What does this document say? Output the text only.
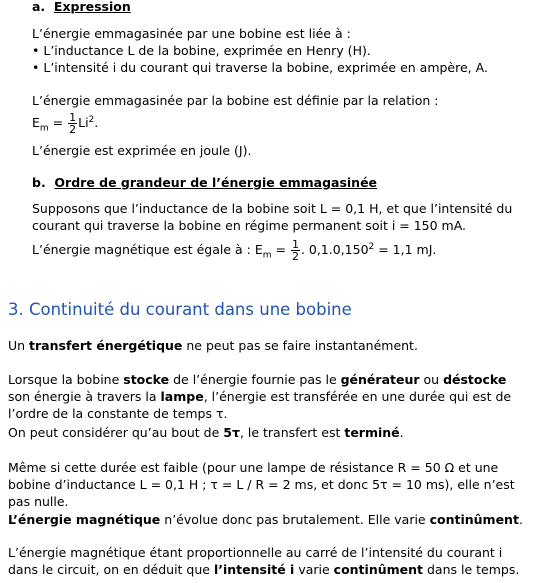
a. Expression
L’énergie emmagasinée par une bobine est liée à :
• L’inductance L de la bobine, exprimée en Henry (H).
• L’intensité i du courant qui traverse la bobine, exprimée en ampère, A.
L’énergie emmagasinée par la bobine est définie par la relation :
$E_m = \frac{1}{2} Li^2$.
L’énergie est exprimée en joule (J).
b. Ordre de grandeur de l’énergie emmagasinée
Supposons que l’inductance de la bobine soit L = 0,1 H, et que l’intensité du
courant qui traverse la bobine en régime permanent soit i = 150 mA.
L’énergie magnétique est égale à : $E_m = \frac{1}{2}$ . $0,1.0,150^2 = 1,1$ mJ.
3. Continuité du courant dans une bobine
Un transfert énergétique ne peut pas se faire instantanément.
Lorsque la bobine stocke de l’énergie fournie pas le générateur ou déstocke
son énergie à travers la lampe, l’énergie est transférée en une durée qui est de
l’ordre de la constante de temps τ.
On peut considérer qu’au bout de 5τ, le transfert est terminé.
Même si cette durée est faible (pour une lampe de résistance R = 50 Ω et une
bobine d’inductance L = 0,1 H ; τ = L / R = 2 ms, et donc 5τ = 10 ms), elle n’est
pas nulle.
L’énergie magnétique n’évolue donc pas brutalement. Elle varie continûment.
L’énergie magnétique étant proportionnelle au carré de l’intensité du courant i
dans le circuit, on en déduit que l’intensité i varie continûment dans le temps.
